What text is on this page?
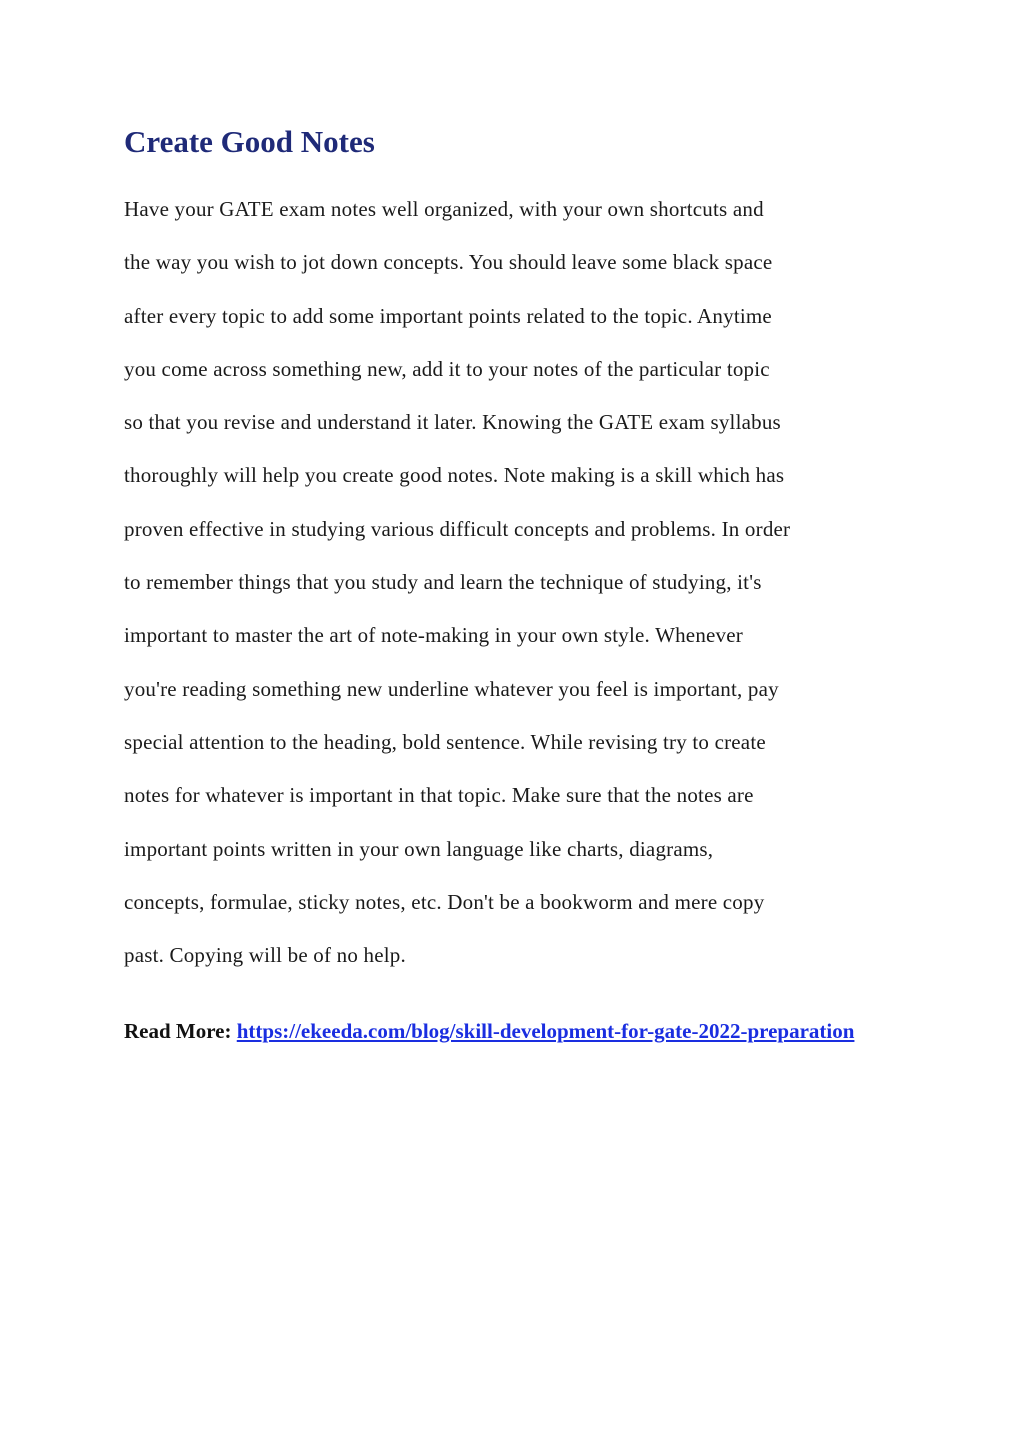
Create Good Notes
Have your GATE exam notes well organized, with your own shortcuts and
the way you wish to jot down concepts. You should leave some black space
after every topic to add some important points related to the topic. Anytime
you come across something new, add it to your notes of the particular topic
so that you revise and understand it later. Knowing the GATE exam syllabus
thoroughly will help you create good notes. Note making is a skill which has
proven effective in studying various difficult concepts and problems. In order
to remember things that you study and learn the technique of studying, it's
important to master the art of note-making in your own style. Whenever
you're reading something new underline whatever you feel is important, pay
special attention to the heading, bold sentence. While revising try to create
notes for whatever is important in that topic. Make sure that the notes are
important points written in your own language like charts, diagrams,
concepts, formulae, sticky notes, etc. Don't be a bookworm and mere copy
past. Copying will be of no help.
Read More: https://ekeeda.com/blog/skill-development-for-gate-2022-preparation
